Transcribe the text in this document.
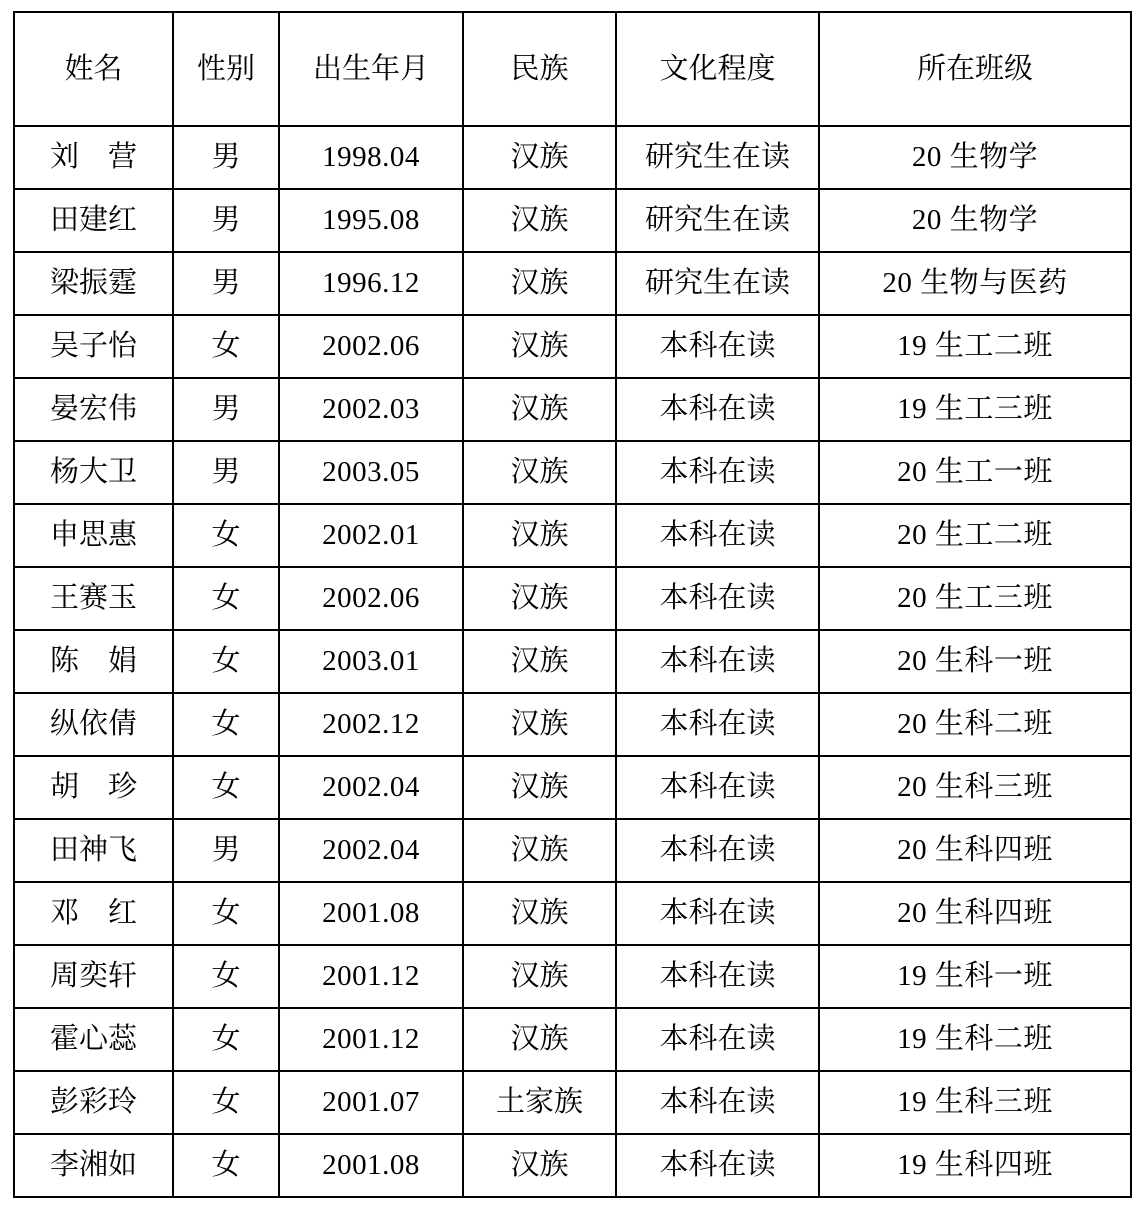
姓名	性别	出生年月	民族	文化程度	所在班级
刘　营	男	1998.04	汉族	研究生在读	20 生物学
田建红	男	1995.08	汉族	研究生在读	20 生物学
梁振霆	男	1996.12	汉族	研究生在读	20 生物与医药
吴子怡	女	2002.06	汉族	本科在读	19 生工二班
晏宏伟	男	2002.03	汉族	本科在读	19 生工三班
杨大卫	男	2003.05	汉族	本科在读	20 生工一班
申思惠	女	2002.01	汉族	本科在读	20 生工二班
王赛玉	女	2002.06	汉族	本科在读	20 生工三班
陈　娟	女	2003.01	汉族	本科在读	20 生科一班
纵依倩	女	2002.12	汉族	本科在读	20 生科二班
胡　珍	女	2002.04	汉族	本科在读	20 生科三班
田神飞	男	2002.04	汉族	本科在读	20 生科四班
邓　红	女	2001.08	汉族	本科在读	20 生科四班
周奕轩	女	2001.12	汉族	本科在读	19 生科一班
霍心蕊	女	2001.12	汉族	本科在读	19 生科二班
彭彩玲	女	2001.07	土家族	本科在读	19 生科三班
李湘如	女	2001.08	汉族	本科在读	19 生科四班
